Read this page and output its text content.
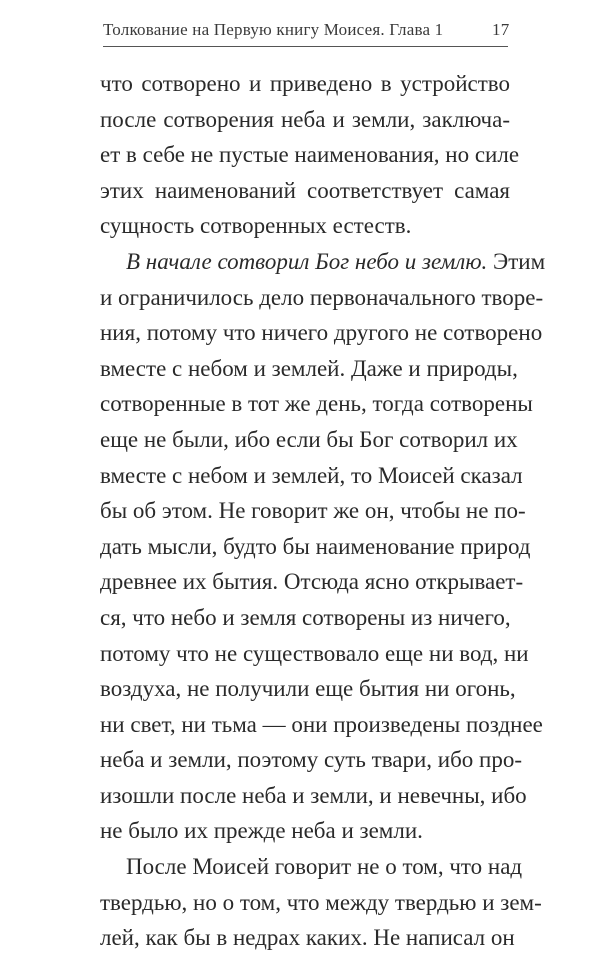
Толкование на Первую книгу Моисея. Глава 1	17
что сотворено и приведено в устройство
после сотворения неба и земли, заключа-
ет в себе не пустые наименования, но силе
этих наименований соответствует самая
сущность сотворенных естеств.
В начале сотворил Бог небо и землю. Этим
и ограничилось дело первоначального творе-
ния, потому что ничего другого не сотворено
вместе с небом и землей. Даже и природы,
сотворенные в тот же день, тогда сотворены
еще не были, ибо если бы Бог сотворил их
вместе с небом и землей, то Моисей сказал
бы об этом. Не говорит же он, чтобы не по-
дать мысли, будто бы наименование природ
древнее их бытия. Отсюда ясно открывает-
ся, что небо и земля сотворены из ничего,
потому что не существовало еще ни вод, ни
воздуха, не получили еще бытия ни огонь,
ни свет, ни тьма — они произведены позднее
неба и земли, поэтому суть твари, ибо про-
изошли после неба и земли, и невечны, ибо
не было их прежде неба и земли.
После Моисей говорит не о том, что над
твердью, но о том, что между твердью и зем-
лей, как бы в недрах каких. Не написал он
